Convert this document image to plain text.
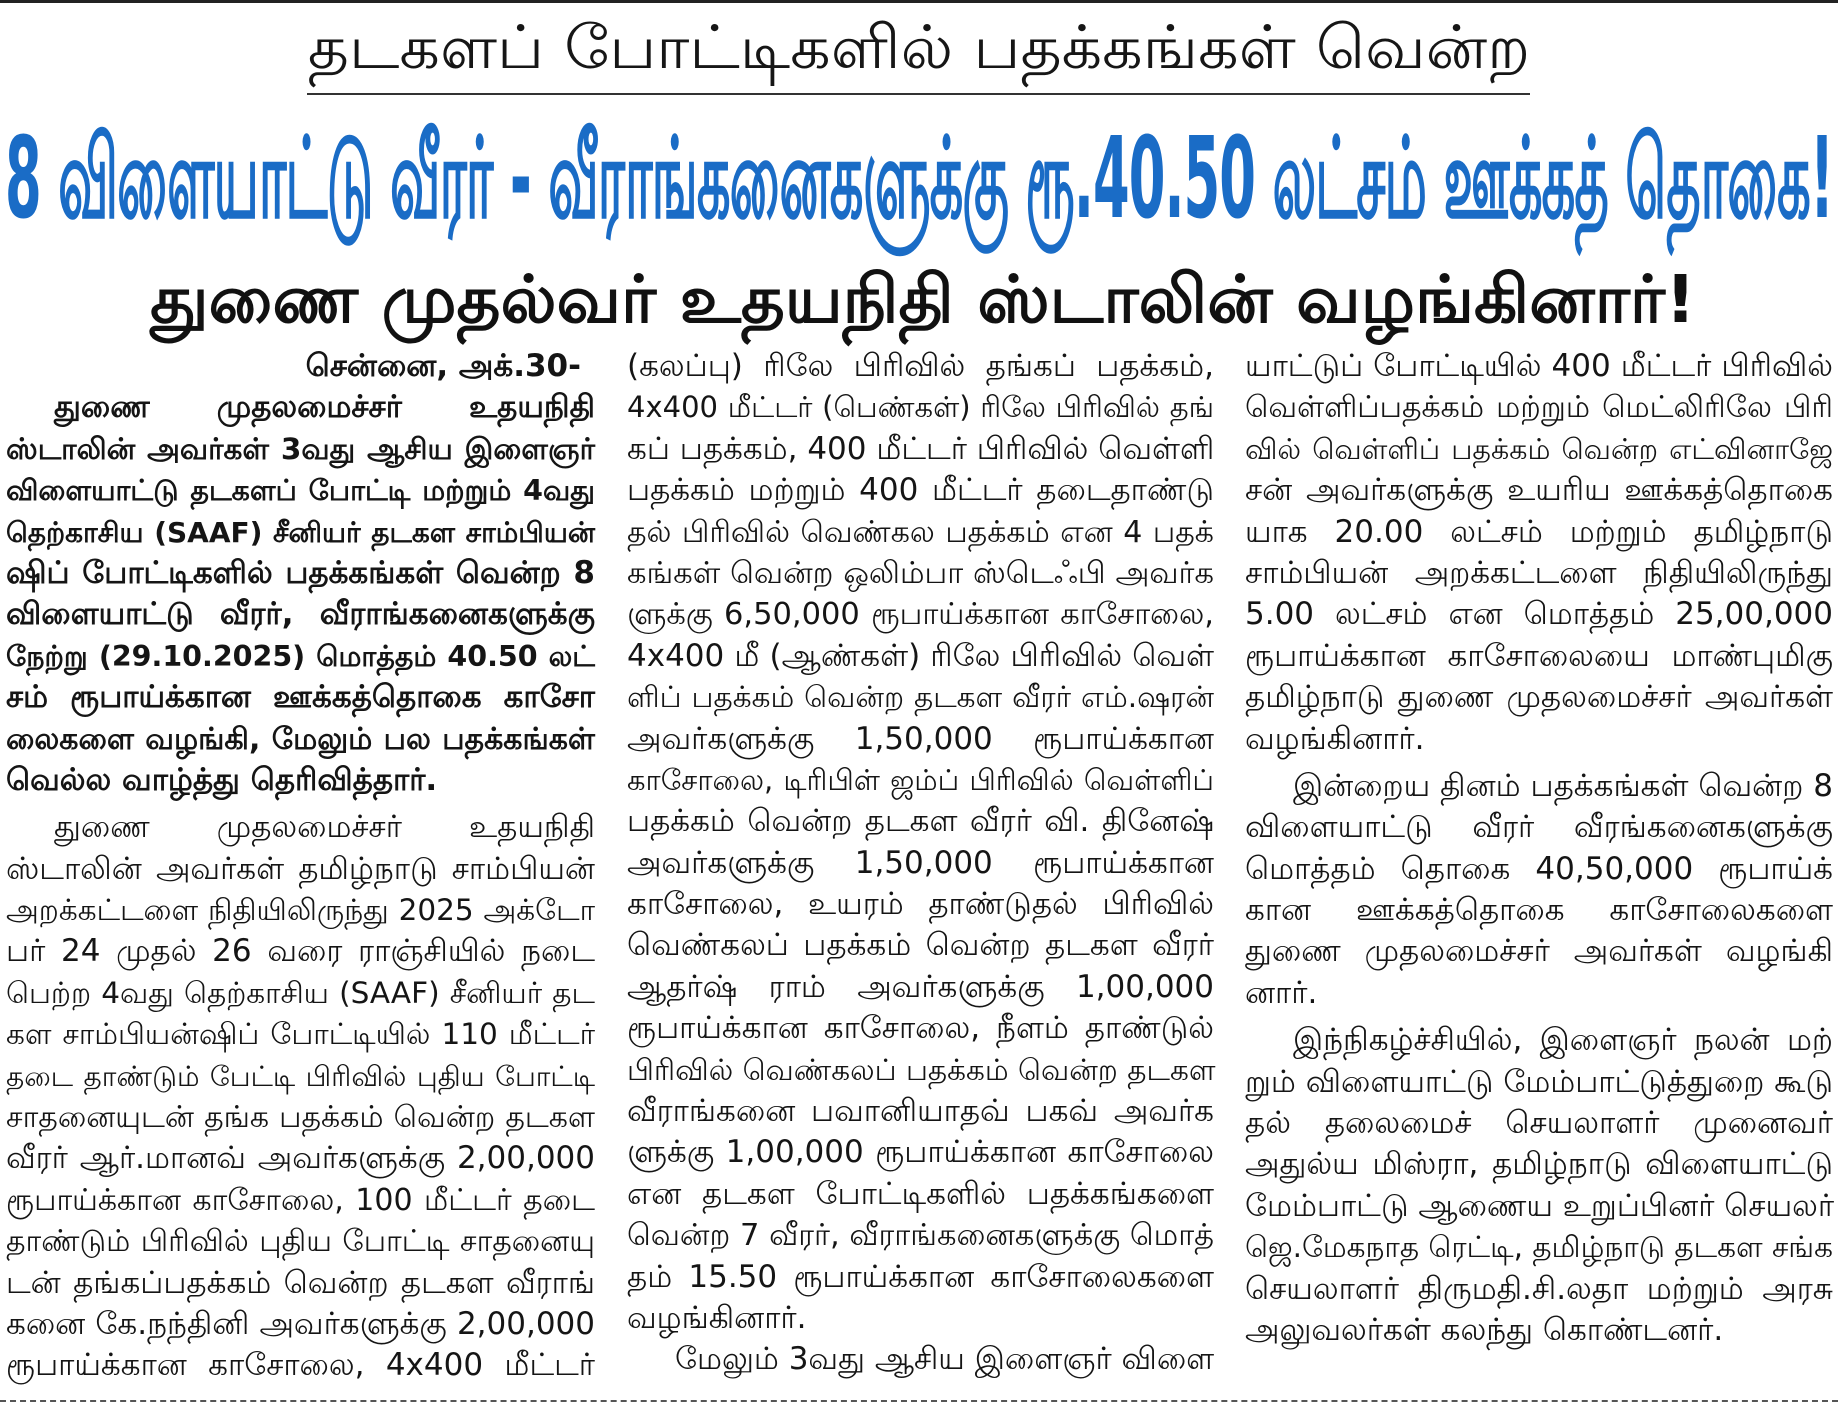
தடகளப் போட்டிகளில் பதக்கங்கள் வென்ற
8 விளையாட்டு வீரர் - வீராங்கனைகளுக்கு ரூ.40.50 லட்சம் ஊக்கத் தொகை!
துணை முதல்வர் உதயநிதி ஸ்டாலின் வழங்கினார்!
சென்னை, அக்.30-
துணை முதலமைச்சர் உதயநிதி
ஸ்டாலின் அவர்கள் 3வது ஆசிய இளைஞர்
விளையாட்டு தடகளப் போட்டி மற்றும் 4வது
தெற்காசிய (SAAF) சீனியர் தடகள சாம்பியன்
ஷிப் போட்டிகளில் பதக்கங்கள் வென்ற 8
விளையாட்டு வீரர், வீராங்கனைகளுக்கு
நேற்று (29.10.2025) மொத்தம் 40.50 லட்
சம் ரூபாய்க்கான ஊக்கத்தொகை காசோ
லைகளை வழங்கி, மேலும் பல பதக்கங்கள்
வெல்ல வாழ்த்து தெரிவித்தார்.
துணை முதலமைச்சர் உதயநிதி
ஸ்டாலின் அவர்கள் தமிழ்நாடு சாம்பியன்
அறக்கட்டளை நிதியிலிருந்து 2025 அக்டோ
பர் 24 முதல் 26 வரை ராஞ்சியில் நடை
பெற்ற 4வது தெற்காசிய (SAAF) சீனியர் தட
கள சாம்பியன்ஷிப் போட்டியில் 110 மீட்டர்
தடை தாண்டும் பேட்டி பிரிவில் புதிய போட்டி
சாதனையுடன் தங்க பதக்கம் வென்ற தடகள
வீரர் ஆர்.மானவ் அவர்களுக்கு 2,00,000
ரூபாய்க்கான காசோலை, 100 மீட்டர் தடை
தாண்டும் பிரிவில் புதிய போட்டி சாதனையு
டன் தங்கப்பதக்கம் வென்ற தடகள வீராங்
கனை கே.நந்தினி அவர்களுக்கு 2,00,000
ரூபாய்க்கான காசோலை, 4x400 மீட்டர்
(கலப்பு) ரிலே பிரிவில் தங்கப் பதக்கம்,
4x400 மீட்டர் (பெண்கள்) ரிலே பிரிவில் தங்
கப் பதக்கம், 400 மீட்டர் பிரிவில் வெள்ளி
பதக்கம் மற்றும் 400 மீட்டர் தடைதாண்டு
தல் பிரிவில் வெண்கல பதக்கம் என 4 பதக்
கங்கள் வென்ற ஒலிம்பா ஸ்டெஃபி அவர்க
ளுக்கு 6,50,000 ரூபாய்க்கான காசோலை,
4x400 மீ (ஆண்கள்) ரிலே பிரிவில் வெள்
ளிப் பதக்கம் வென்ற தடகள வீரர் எம்.ஷரன்
அவர்களுக்கு 1,50,000 ரூபாய்க்கான
காசோலை, டிரிபிள் ஜம்ப் பிரிவில் வெள்ளிப்
பதக்கம் வென்ற தடகள வீரர் வி. தினேஷ்
அவர்களுக்கு 1,50,000 ரூபாய்க்கான
காசோலை, உயரம் தாண்டுதல் பிரிவில்
வெண்கலப் பதக்கம் வென்ற தடகள வீரர்
ஆதர்ஷ் ராம் அவர்களுக்கு 1,00,000
ரூபாய்க்கான காசோலை, நீளம் தாண்டுல்
பிரிவில் வெண்கலப் பதக்கம் வென்ற தடகள
வீராங்கனை பவானியாதவ் பகவ் அவர்க
ளுக்கு 1,00,000 ரூபாய்க்கான காசோலை
என தடகள போட்டிகளில் பதக்கங்களை
வென்ற 7 வீரர், வீராங்கனைகளுக்கு மொத்
தம் 15.50 ரூபாய்க்கான காசோலைகளை
வழங்கினார்.
மேலும் 3வது ஆசிய இளைஞர் விளை
யாட்டுப் போட்டியில் 400 மீட்டர் பிரிவில்
வெள்ளிப்பதக்கம் மற்றும் மெட்லிரிலே பிரி
வில் வெள்ளிப் பதக்கம் வென்ற எட்வினாஜே
சன் அவர்களுக்கு உயரிய ஊக்கத்தொகை
யாக 20.00 லட்சம் மற்றும் தமிழ்நாடு
சாம்பியன் அறக்கட்டளை நிதியிலிருந்து
5.00 லட்சம் என மொத்தம் 25,00,000
ரூபாய்க்கான காசோலையை மாண்புமிகு
தமிழ்நாடு துணை முதலமைச்சர் அவர்கள்
வழங்கினார்.
இன்றைய தினம் பதக்கங்கள் வென்ற 8
விளையாட்டு வீரர் வீரங்கனைகளுக்கு
மொத்தம் தொகை 40,50,000 ரூபாய்க்
கான ஊக்கத்தொகை காசோலைகளை
துணை முதலமைச்சர் அவர்கள் வழங்கி
னார்.
இந்நிகழ்ச்சியில், இளைஞர் நலன் மற்
றும் விளையாட்டு மேம்பாட்டுத்துறை கூடு
தல் தலைமைச் செயலாளர் முனைவர்
அதுல்ய மிஸ்ரா, தமிழ்நாடு விளையாட்டு
மேம்பாட்டு ஆணைய உறுப்பினர் செயலர்
ஜெ.மேகநாத ரெட்டி, தமிழ்நாடு தடகள சங்க
செயலாளர் திருமதி.சி.லதா மற்றும் அரசு
அலுவலர்கள் கலந்து கொண்டனர்.
